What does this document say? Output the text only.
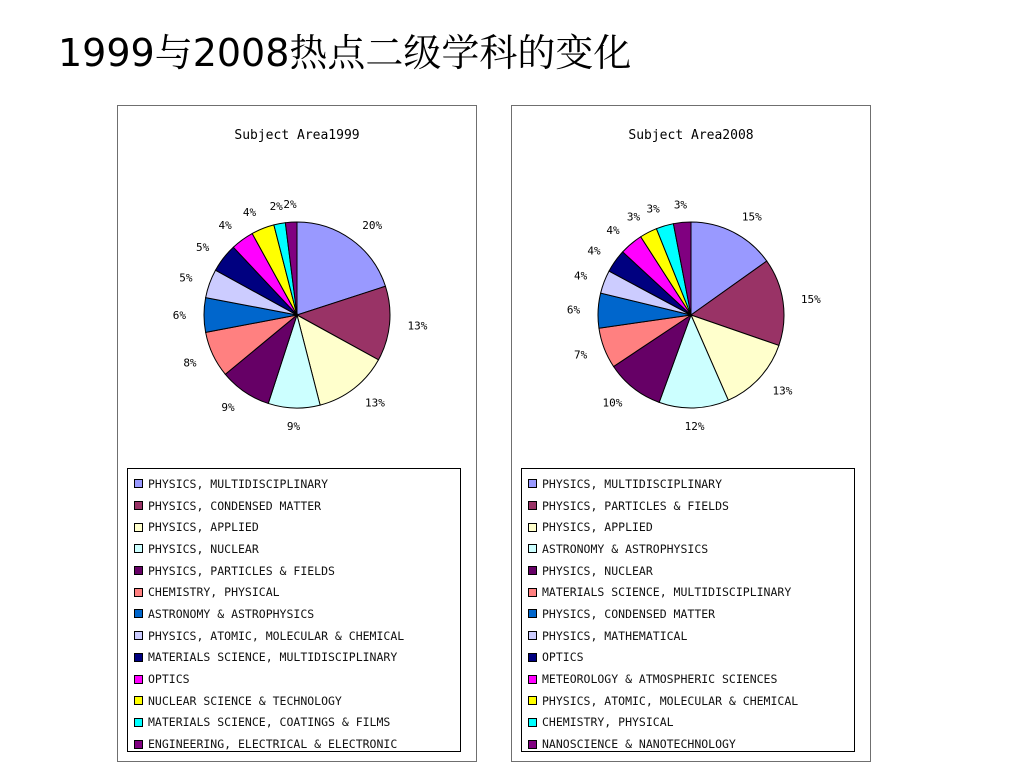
1999与2008热点二级学科的变化
Subject Area1999
20%
13%
13%
9%
9%
8%
6%
5%
5%
4%
4% 2% 2%
PHYSICS, MULTIDISCIPLINARY
PHYSICS, CONDENSED MATTER
PHYSICS, APPLIED
PHYSICS, NUCLEAR
PHYSICS, PARTICLES & FIELDS
CHEMISTRY, PHYSICAL
ASTRONOMY & ASTROPHYSICS
PHYSICS, ATOMIC, MOLECULAR & CHEMICAL
MATERIALS SCIENCE, MULTIDISCIPLINARY
OPTICS
NUCLEAR SCIENCE & TECHNOLOGY
MATERIALS SCIENCE, COATINGS & FILMS
ENGINEERING, ELECTRICAL & ELECTRONIC
Subject Area2008
15%
15%
13%
12%
10%
7%
6%
4%
4%
4%
3%
3% 3%
PHYSICS, MULTIDISCIPLINARY
PHYSICS, PARTICLES & FIELDS
PHYSICS, APPLIED
ASTRONOMY & ASTROPHYSICS
PHYSICS, NUCLEAR
MATERIALS SCIENCE, MULTIDISCIPLINARY
PHYSICS, CONDENSED MATTER
PHYSICS, MATHEMATICAL
OPTICS
METEOROLOGY & ATMOSPHERIC SCIENCES
PHYSICS, ATOMIC, MOLECULAR & CHEMICAL
CHEMISTRY, PHYSICAL
NANOSCIENCE & NANOTECHNOLOGY
